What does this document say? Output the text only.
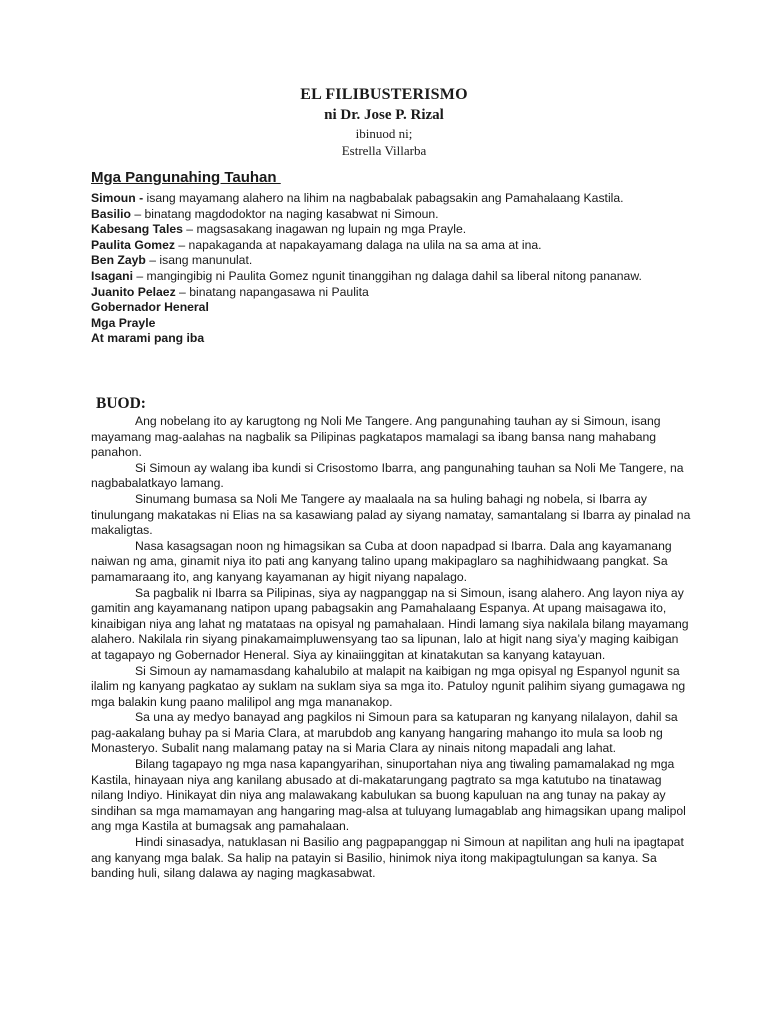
EL FILIBUSTERISMO
ni Dr. Jose P. Rizal
ibinuod ni;
Estrella Villarba
Mga Pangunahing Tauhan
Simoun - isang mayamang alahero na lihim na nagbabalak pabagsakin ang Pamahalaang Kastila.
Basilio – binatang magdodoktor na naging kasabwat ni Simoun.
Kabesang Tales – magsasakang inagawan ng lupain ng mga Prayle.
Paulita Gomez – napakaganda at napakayamang dalaga na ulila na sa ama at ina.
Ben Zayb – isang manunulat.
Isagani – mangingibig ni Paulita Gomez ngunit tinanggihan ng dalaga dahil sa liberal nitong pananaw.
Juanito Pelaez – binatang napangasawa ni Paulita
Gobernador Heneral
Mga Prayle
At marami pang iba
BUOD:

Ang nobelang ito ay karugtong ng Noli Me Tangere. Ang pangunahing tauhan ay si Simoun, isang mayamang mag-aalahas na nagbalik sa Pilipinas pagkatapos mamalagi sa ibang bansa nang mahabang panahon.

Si Simoun ay walang iba kundi si Crisostomo Ibarra, ang pangunahing tauhan sa Noli Me Tangere, na nagbabalatkayo lamang.

Sinumang bumasa sa Noli Me Tangere ay maalaala na sa huling bahagi ng nobela, si Ibarra ay tinulungang makatakas ni Elias na sa kasawiang palad ay siyang namatay, samantalang si Ibarra ay pinalad na makaligtas.

Nasa kasagsagan noon ng himagsikan sa Cuba at doon napadpad si Ibarra. Dala ang kayamanang naiwan ng ama, ginamit niya ito pati ang kanyang talino upang makipaglaro sa naghihidwaang pangkat. Sa pamamaraang ito, ang kanyang kayamanan ay higit niyang napalago.

Sa pagbalik ni Ibarra sa Pilipinas, siya ay nagpanggap na si Simoun, isang alahero. Ang layon niya ay gamitin ang kayamanang natipon upang pabagsakin ang Pamahalaang Espanya. At upang maisagawa ito, kinaibigan niya ang lahat ng matataas na opisyal ng pamahalaan. Hindi lamang siya nakilala bilang mayamang alahero. Nakilala rin siyang pinakamaimpluwensyang tao sa lipunan, lalo at higit nang siya’y maging kaibigan at tagapayo ng Gobernador Heneral. Siya ay kinaiinggitan at kinatakutan sa kanyang katayuan.

Si Simoun ay namamasdang kahalubilo at malapit na kaibigan ng mga opisyal ng Espanyol ngunit sa ilalim ng kanyang pagkatao ay suklam na suklam siya sa mga ito. Patuloy ngunit palihim siyang gumagawa ng mga balakin kung paano malilipol ang mga mananakop.

Sa una ay medyo banayad ang pagkilos ni Simoun para sa katuparan ng kanyang nilalayon, dahil sa pag-aakalang buhay pa si Maria Clara, at marubdob ang kanyang hangaring mahango ito mula sa loob ng Monasteryo. Subalit nang malamang patay na si Maria Clara ay ninais nitong mapadali ang lahat.

Bilang tagapayo ng mga nasa kapangyarihan, sinuportahan niya ang tiwaling pamamalakad ng mga Kastila, hinayaan niya ang kanilang abusado at di-makatarungang pagtrato sa mga katutubo na tinatawag nilang Indiyo. Hinikayat din niya ang malawakang kabulukan sa buong kapuluan na ang tunay na pakay ay sindihan sa mga mamamayan ang hangaring mag-alsa at tuluyang lumagablab ang himagsikan upang malipol ang mga Kastila at bumagsak ang pamahalaan.

Hindi sinasadya, natuklasan ni Basilio ang pagpapanggap ni Simoun at napilitan ang huli na ipagtapat ang kanyang mga balak. Sa halip na patayin si Basilio, hinimok niya itong makipagtulungan sa kanya. Sa banding huli, silang dalawa ay naging magkasabwat.
